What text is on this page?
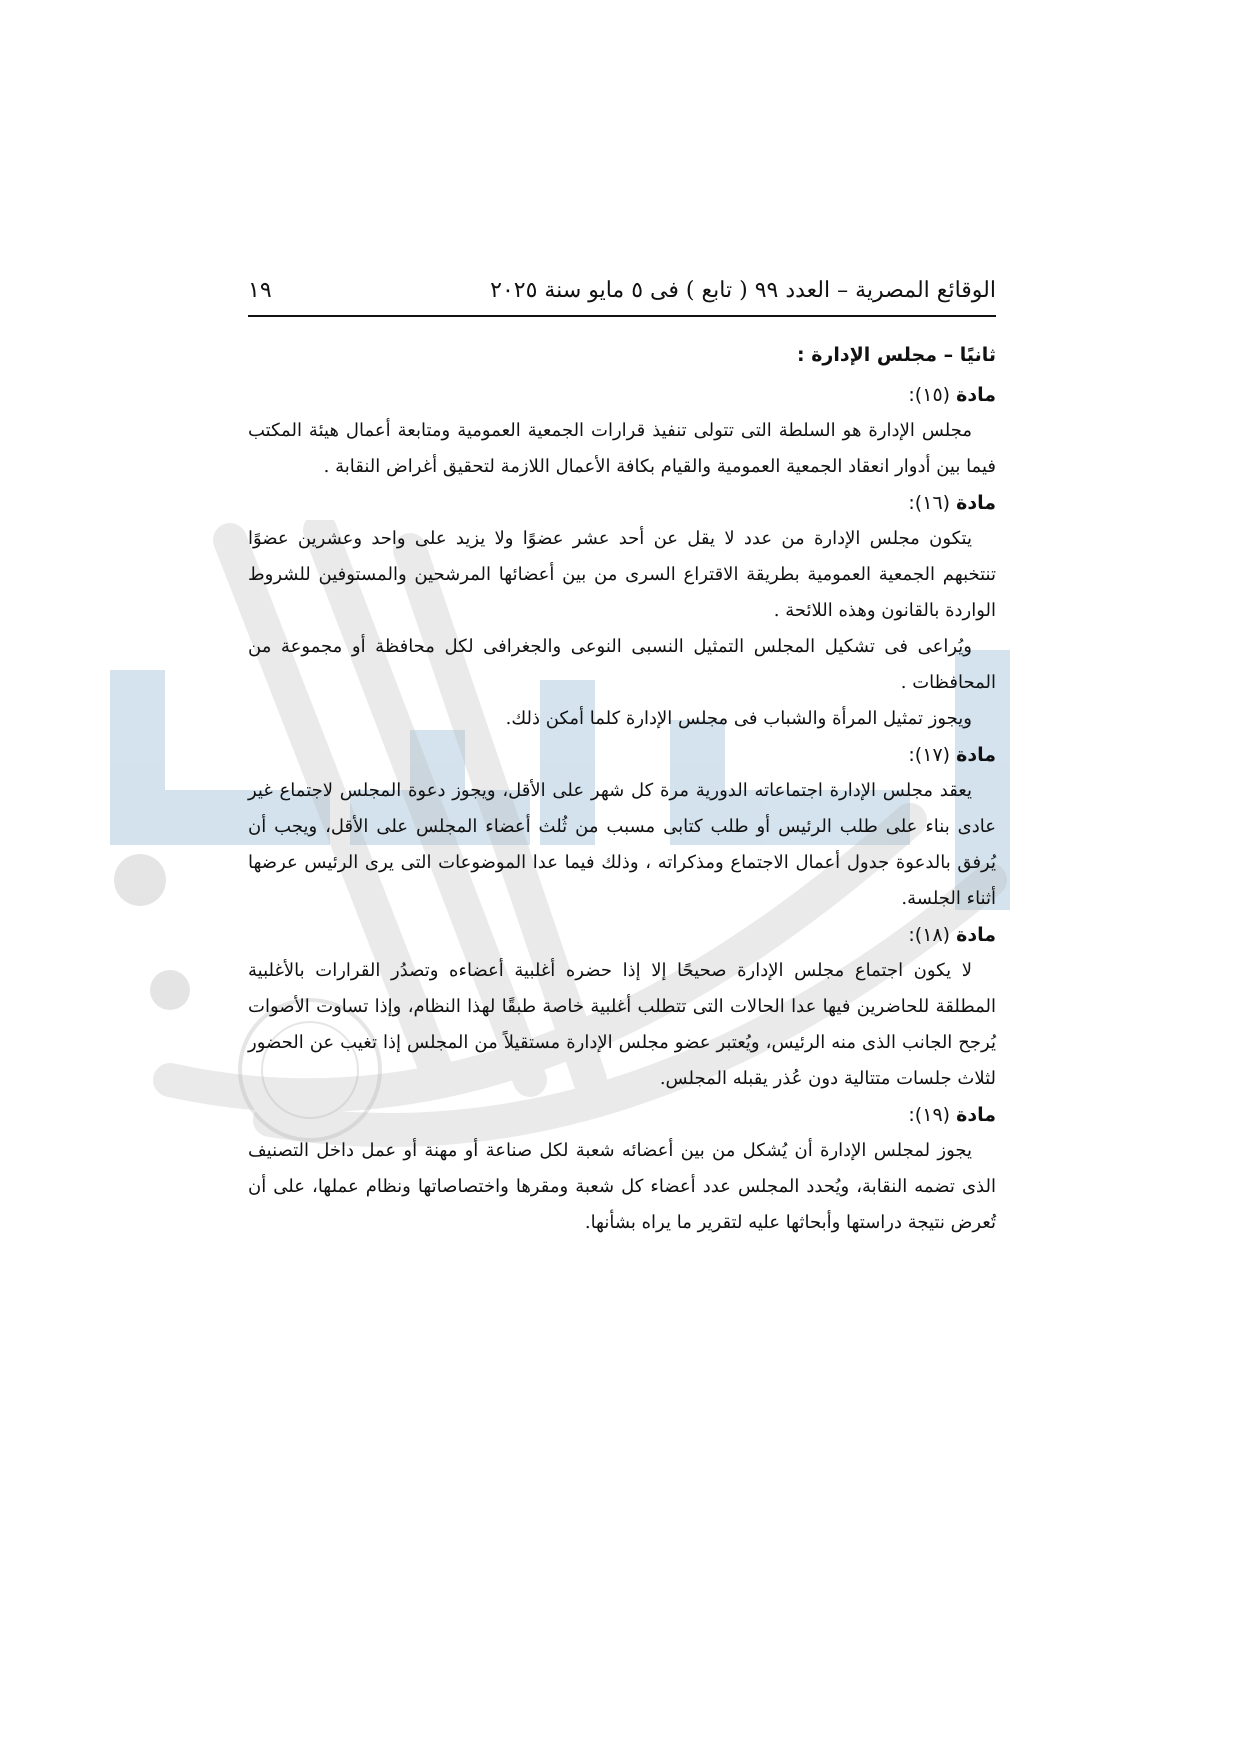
الوقائع المصرية – العدد ٩٩ ( تابع ) فى ٥ مايو سنة ٢٠٢٥
١٩
ثانيًا – مجلس الإدارة :

مادة (١٥):

مجلس الإدارة هو السلطة التى تتولى تنفيذ قرارات الجمعية العمومية ومتابعة أعمال هيئة المكتب فيما بين أدوار انعقاد الجمعية العمومية والقيام بكافة الأعمال اللازمة لتحقيق أغراض النقابة .

مادة (١٦):

يتكون مجلس الإدارة من عدد لا يقل عن أحد عشر عضوًا ولا يزيد على واحد وعشرين عضوًا تنتخبهم الجمعية العمومية بطريقة الاقتراع السرى من بين أعضائها المرشحين والمستوفين للشروط الواردة بالقانون وهذه اللائحة .

ويُراعى فى تشكيل المجلس التمثيل النسبى النوعى والجغرافى لكل محافظة أو مجموعة من المحافظات .

ويجوز تمثيل المرأة والشباب فى مجلس الإدارة كلما أمكن ذلك.

مادة (١٧):

يعقد مجلس الإدارة اجتماعاته الدورية مرة كل شهر على الأقل، ويجوز دعوة المجلس لاجتماع غير عادى بناء على طلب الرئيس أو طلب كتابى مسبب من ثُلث أعضاء المجلس على الأقل، ويجب أن يُرفق بالدعوة جدول أعمال الاجتماع ومذكراته ، وذلك فيما عدا الموضوعات التى يرى الرئيس عرضها أثناء الجلسة.

مادة (١٨):

لا يكون اجتماع مجلس الإدارة صحيحًا إلا إذا حضره أغلبية أعضاءه وتصدُر القرارات بالأغلبية المطلقة للحاضرين فيها عدا الحالات التى تتطلب أغلبية خاصة طبقًا لهذا النظام، وإذا تساوت الأصوات يُرجح الجانب الذى منه الرئيس، ويُعتبر عضو مجلس الإدارة مستقيلاً من المجلس إذا تغيب عن الحضور لثلاث جلسات متتالية دون عُذر يقبله المجلس.

مادة (١٩):

يجوز لمجلس الإدارة أن يُشكل من بين أعضائه شعبة لكل صناعة أو مهنة أو عمل داخل التصنيف الذى تضمه النقابة، ويُحدد المجلس عدد أعضاء كل شعبة ومقرها واختصاصاتها ونظام عملها، على أن تُعرض نتيجة دراستها وأبحاثها عليه لتقرير ما يراه بشأنها.
